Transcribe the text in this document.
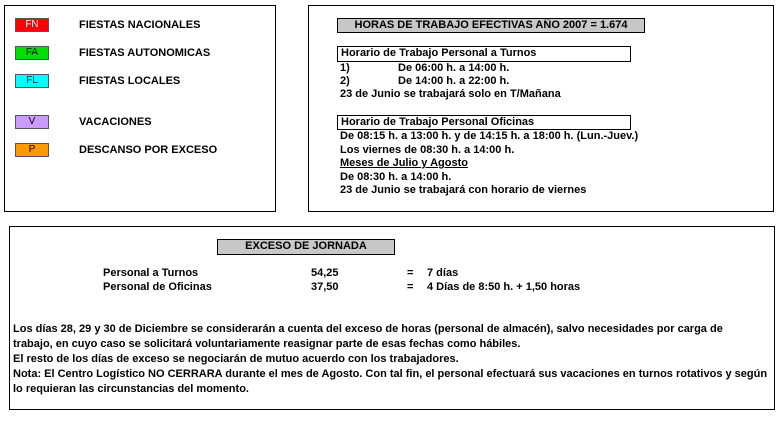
FN	FIESTAS NACIONALES
FA	FIESTAS AUTONOMICAS
FL	FIESTAS LOCALES
V	VACACIONES
P	DESCANSO POR EXCESO
HORAS DE TRABAJO EFECTIVAS AÑO 2007 = 1.674
Horario de Trabajo Personal a Turnos
1)	De 06:00 h. a 14:00 h.
2)	De 14:00 h. a 22:00 h.
23 de Junio se trabajará solo en T/Mañana
Horario de Trabajo Personal Oficinas
De 08:15 h. a 13:00 h. y de 14:15 h. a 18:00 h. (Lun.-Juev.)
Los viernes de 08:30 h. a 14:00 h.
Meses de Julio y Agosto
De 08:30 h. a 14:00 h.
23 de Junio se trabajará con horario de viernes
EXCESO DE JORNADA
Personal a Turnos	54,25	= 7 días
Personal de Oficinas	37,50	= 4 Días de 8:50 h. + 1,50 horas
Los días 28, 29 y 30 de Diciembre se considerarán a cuenta del exceso de horas (personal de almacén), salvo necesidades por carga de
trabajo, en cuyo caso se solicitará voluntariamente reasignar parte de esas fechas como hábiles.
El resto de los días de exceso se negociarán de mutuo acuerdo con los trabajadores.
Nota: El Centro Logístico NO CERRARA durante el mes de Agosto. Con tal fin, el personal efectuará sus vacaciones en turnos rotativos y según
lo requieran las circunstancias del momento.
